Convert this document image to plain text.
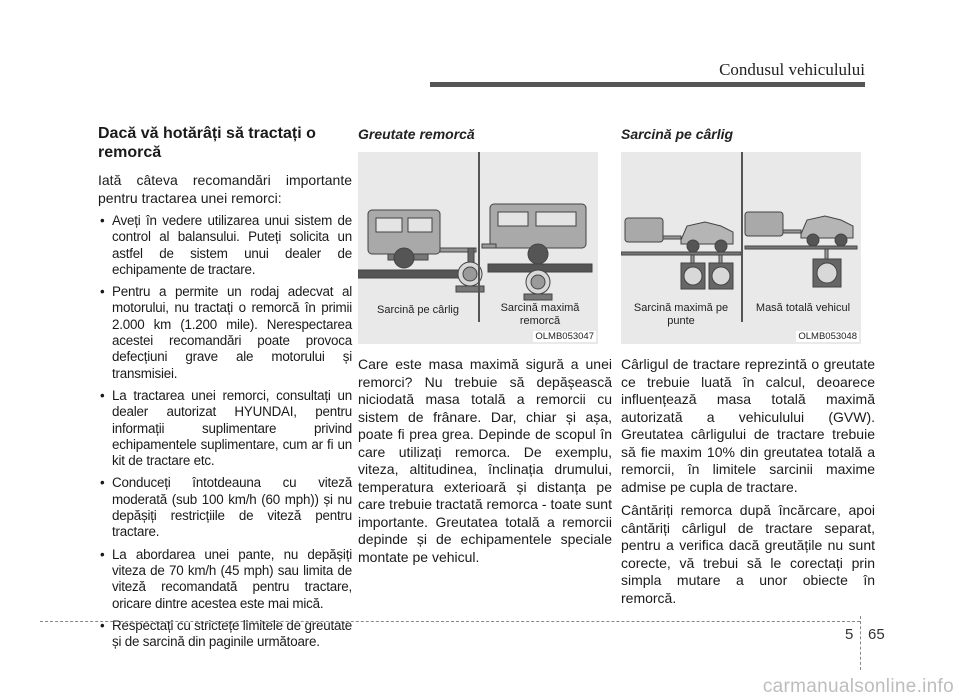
Condusul vehiculului
Dacă vă hotărâți să tractați o remorcă

Iată câteva recomandări importante pentru tractarea unei remorci:

• Aveți în vedere utilizarea unui sistem de control al balansului. Puteți solicita un astfel de sistem unui dealer de echipamente de tractare.
• Pentru a permite un rodaj adecvat al motorului, nu tractați o remorcă în primii 2.000 km (1.200 mile). Nerespectarea acestei recomandări poate provoca defecțiuni grave ale motorului și transmisiei.
• La tractarea unei remorci, consultați un dealer autorizat HYUNDAI, pentru informații suplimentare privind echipamentele suplimentare, cum ar fi un kit de tractare etc.
• Conduceți întotdeauna cu viteză moderată (sub 100 km/h (60 mph)) și nu depășiți restricțiile de viteză pentru tractare.
• La abordarea unei pante, nu depășiți viteza de 70 km/h (45 mph) sau limita de viteză recomandată pentru tractare, oricare dintre acestea este mai mică.
• Respectați cu strictețe limitele de greutate și de sarcină din paginile următoare.
Greutate remorcă
Sarcină pe cârlig	Sarcină maximă remorcă
OLMB053047

Care este masa maximă sigură a unei remorci? Nu trebuie să depășească niciodată masa totală a remorcii cu sistem de frânare. Dar, chiar și așa, poate fi prea grea. Depinde de scopul în care utilizați remorca. De exemplu, viteza, altitudinea, înclinația drumului, temperatura exterioară și distanța pe care trebuie tractată remorca - toate sunt importante. Greutatea totală a remorcii depinde și de echipamentele speciale montate pe vehicul.

Sarcină pe cârlig
Sarcină maximă pe punte
Masă totală vehicul
OLMB053048

Cârligul de tractare reprezintă o greutate ce trebuie luată în calcul, deoarece influențează masa totală maximă autorizată a vehiculului (GVW). Greutatea cârligului de tractare trebuie să fie maxim 10% din greutatea totală a remorcii, în limitele sarcinii maxime admise pe cupla de tractare.

Cântăriți remorca după încărcare, apoi cântăriți cârligul de tractare separat, pentru a verifica dacă greutățile nu sunt corecte, vă trebui să le corectați prin simpla mutare a unor obiecte în remorcă.

5 65
carmanualsonline.info
